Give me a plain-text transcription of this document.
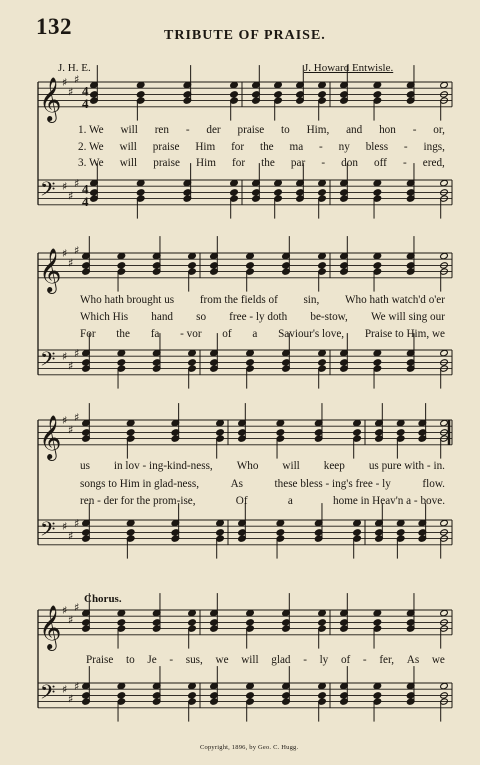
132	TRIBUTE OF PRAISE.
J. H. E.	J. Howard Entwisle.
Chorus.
Copyright, 1896, by Geo. C. Hugg.
𝄞
𝄢
♯
♯
♯
♯
♯
♯
4
4
4
4
𝄞
𝄢
♯
♯
♯
♯
♯
♯
𝄞
𝄢
♯
♯
♯
♯
♯
♯
𝄞
𝄢
♯
♯
♯
♯
♯
♯
1. We will ren - der praise to Him, and hon - or,
2. We will praise Him for the ma - ny bless - ings,
3. We will praise Him for the par - don off - ered,
Who hath brought us from the fields of sin, Who hath watch'd o'er
Which His hand so free - ly doth be-stow, We will sing our
For the fa - vor of a Saviour's love, Praise to Him, we
us in lov - ing-kind-ness, Who will keep us pure with - in.
songs to Him in glad-ness,	As	these bless - ing's free - ly	flow.
ren - der for the prom-ise,	Of	a	home in Heav'n a - bove.
Praise to Je - sus, we will glad - ly of - fer, As we
